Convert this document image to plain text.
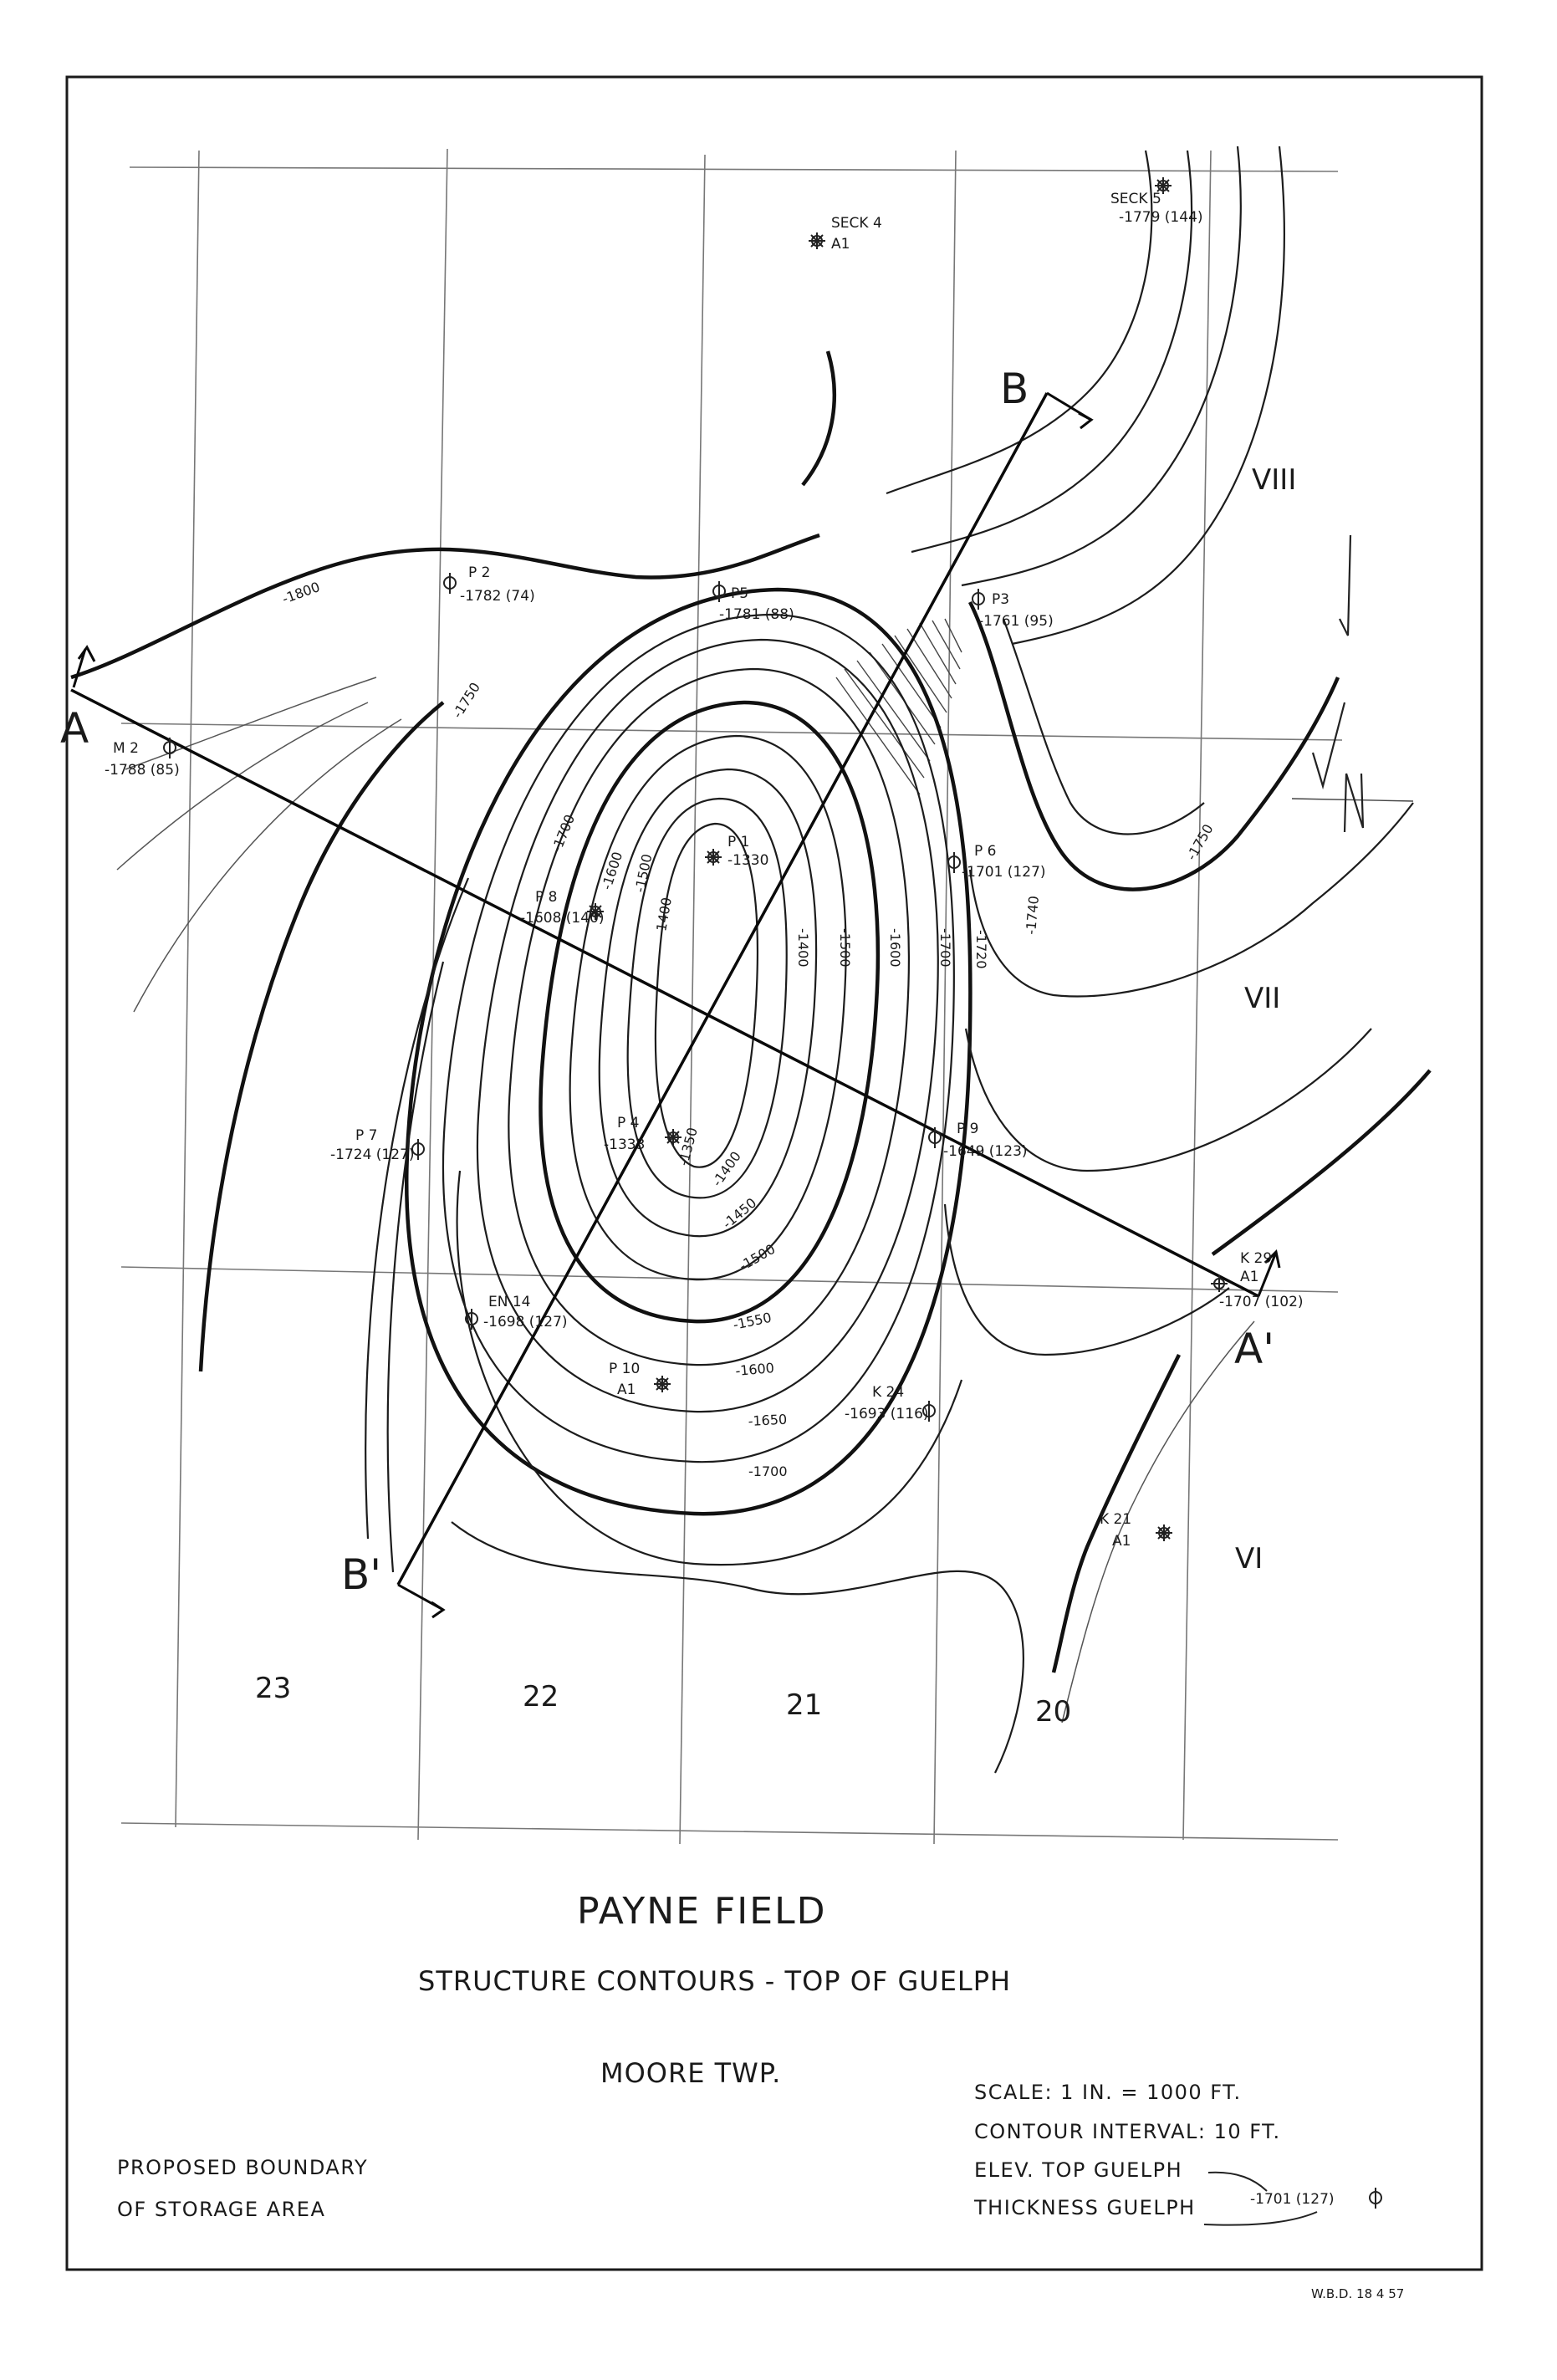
SECK 4
A1
SECK 5
-1779 (144)
P 2
-1782 (74)	P5
-1781 (88)
P3
-1761 (95)
M 2
-1788 (85)
P 1
-1330
P 6
-1701 (127)
P 8
-1608 (140)
P 7
-1724 (127)
P 4
-1333
P 9
-1649 (123)
K 29
A1
-1707 (102)
EN 14
-1698 (127)
P 10
A1	K 24
-1693 (116)
K 21
A1
-1800
-1750
-1700
-1600 -1500
-1400
-1400 -1500	-1600	-1700 -1720
-1740
-1750
-1350
-1400
-1450
-1500
-1550
-1600
-1650
-1700
A
A'
B
B'
VIII
VII
VI
23	22	21	20
PAYNE FIELD
STRUCTURE CONTOURS - TOP OF GUELPH
MOORE TWP.
SCALE: 1 IN. = 1000 FT.
CONTOUR INTERVAL: 10 FT.
ELEV. TOP GUELPH
THICKNESS GUELPH	-1701 (127)
PROPOSED BOUNDARY
OF STORAGE AREA
W.B.D. 18 4 57
